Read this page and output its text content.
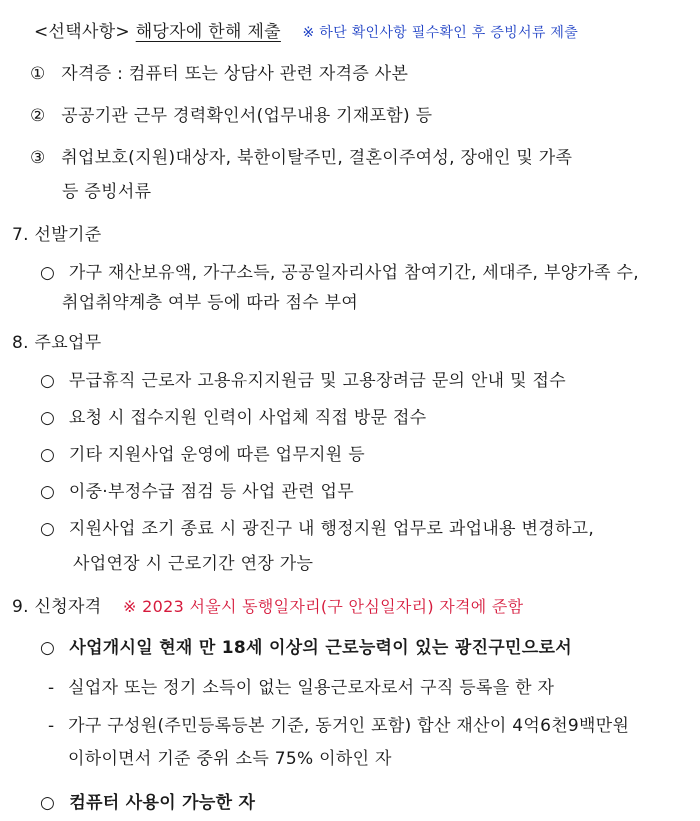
<선택사항> 해당자에 한해 제출 ※ 하단 확인사항 필수확인 후 증빙서류 제출
① 자격증 : 컴퓨터 또는 상담사 관련 자격증 사본
② 공공기관 근무 경력확인서(업무내용 기재포함) 등
③ 취업보호(지원)대상자, 북한이탈주민, 결혼이주여성, 장애인 및 가족
등 증빙서류
7. 선발기준
○ 가구 재산보유액, 가구소득, 공공일자리사업 참여기간, 세대주, 부양가족 수,
취업취약계층 여부 등에 따라 점수 부여
8. 주요업무
○ 무급휴직 근로자 고용유지지원금 및 고용장려금 문의 안내 및 접수
○ 요청 시 접수지원 인력이 사업체 직접 방문 접수
○ 기타 지원사업 운영에 따른 업무지원 등
○ 이중·부정수급 점검 등 사업 관련 업무
○ 지원사업 조기 종료 시 광진구 내 행정지원 업무로 과업내용 변경하고,
사업연장 시 근로기간 연장 가능
9. 신청자격 ※ 2023 서울시 동행일자리(구 안심일자리) 자격에 준함
○ 사업개시일 현재 만 18세 이상의 근로능력이 있는 광진구민으로서
- 실업자 또는 정기 소득이 없는 일용근로자로서 구직 등록을 한 자
- 가구 구성원(주민등록등본 기준, 동거인 포함) 합산 재산이 4억6천9백만원
이하이면서 기준 중위 소득 75% 이하인 자
○ 컴퓨터 사용이 가능한 자
